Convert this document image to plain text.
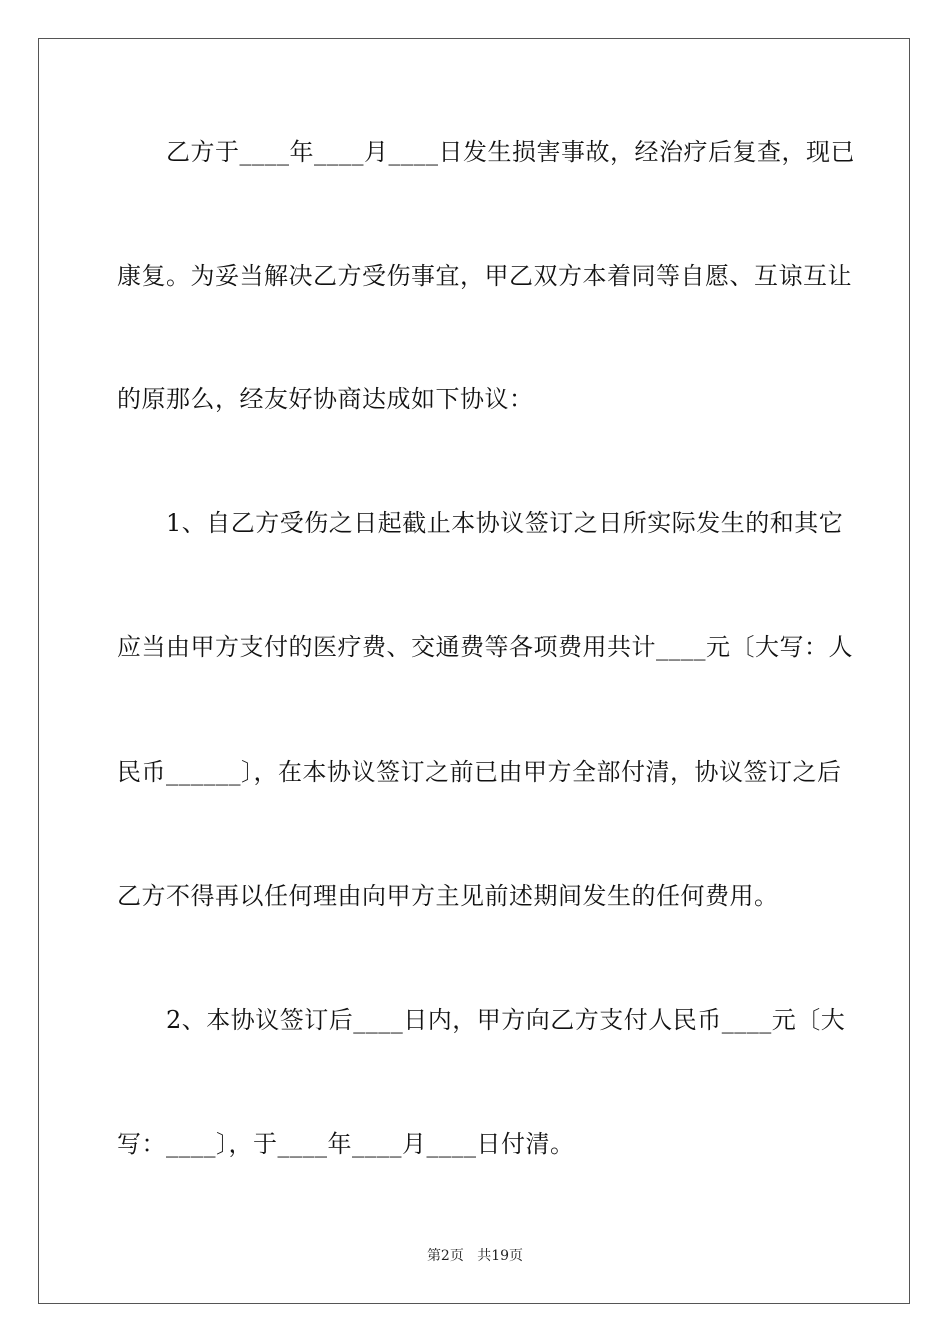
　　乙方于____年____月____日发生损害事故，经治疗后复查，现已
康复。为妥当解决乙方受伤事宜，甲乙双方本着同等自愿、互谅互让
的原那么，经友好协商达成如下协议：
　　1、自乙方受伤之日起截止本协议签订之日所实际发生的和其它
应当由甲方支付的医疗费、交通费等各项费用共计____元〔大写：人
民币______〕，在本协议签订之前已由甲方全部付清，协议签订之后
乙方不得再以任何理由向甲方主见前述期间发生的任何费用。
　　2、本协议签订后____日内，甲方向乙方支付人民币____元〔大
写：____〕，于____年____月____日付清。
第2页 共19页
